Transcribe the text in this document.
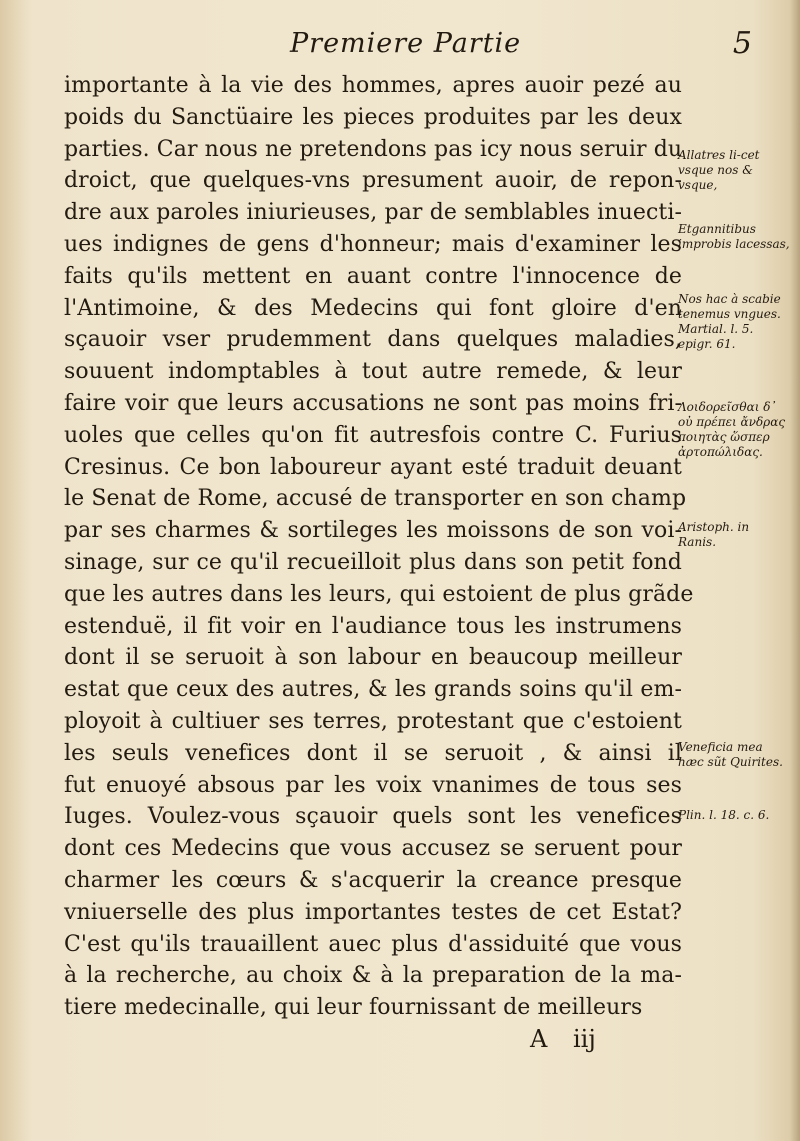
Premiere Partie	5
importante à la vie des hommes, apres auoir pezé au
poids du Sanctüaire les pieces produites par les deux
parties. Car nous ne pretendons pas icy nous seruir du
droict, que quelques-vns presument auoir, de repon-
dre aux paroles iniurieuses, par de semblables inuecti-
ues indignes de gens d'honneur; mais d'examiner les
faits qu'ils mettent en auant contre l'innocence de
l'Antimoine, & des Medecins qui font gloire d'en
sçauoir vser prudemment dans quelques maladies,
souuent indomptables à tout autre remede, & leur
faire voir que leurs accusations ne sont pas moins fri-
uoles que celles qu'on fit autresfois contre C. Furius
Cresinus. Ce bon laboureur ayant esté traduit deuant
le Senat de Rome, accusé de transporter en son champ
par ses charmes & sortileges les moissons de son voi-
sinage, sur ce qu'il recueilloit plus dans son petit fond
que les autres dans les leurs, qui estoient de plus grãde
estenduë, il fit voir en l'audiance tous les instrumens
dont il se seruoit à son labour en beaucoup meilleur
estat que ceux des autres, & les grands soins qu'il em-
ployoit à cultiuer ses terres, protestant que c'estoient
les seuls venefices dont il se seruoit , & ainsi il
fut enuoyé absous par les voix vnanimes de tous ses
Iuges. Voulez-vous sçauoir quels sont les venefices
dont ces Medecins que vous accusez se seruent pour
charmer les cœurs & s'acquerir la creance presque
vniuerselle des plus importantes testes de cet Estat?
C'est qu'ils trauaillent auec plus d'assiduité que vous
à la recherche, au choix & à la preparation de la ma-
tiere medecinalle, qui leur fournissant de meilleurs
Allatres li-cet vsque nos & vsque,
Etgannitibus improbis lacessas,
Nos hac à scabie tenemus vngues. Martial. l. 5. epigr. 61.
Λοιδορεῖσθαι δ᾽ οὐ πρέπει ἄνδρας ποιητὰς ὥσπερ ἀρτοπώλιδας.
Aristoph. in Ranis.
Veneficia mea hæc sũt Quirites.
Plin. l. 18. c. 6.
A iij
